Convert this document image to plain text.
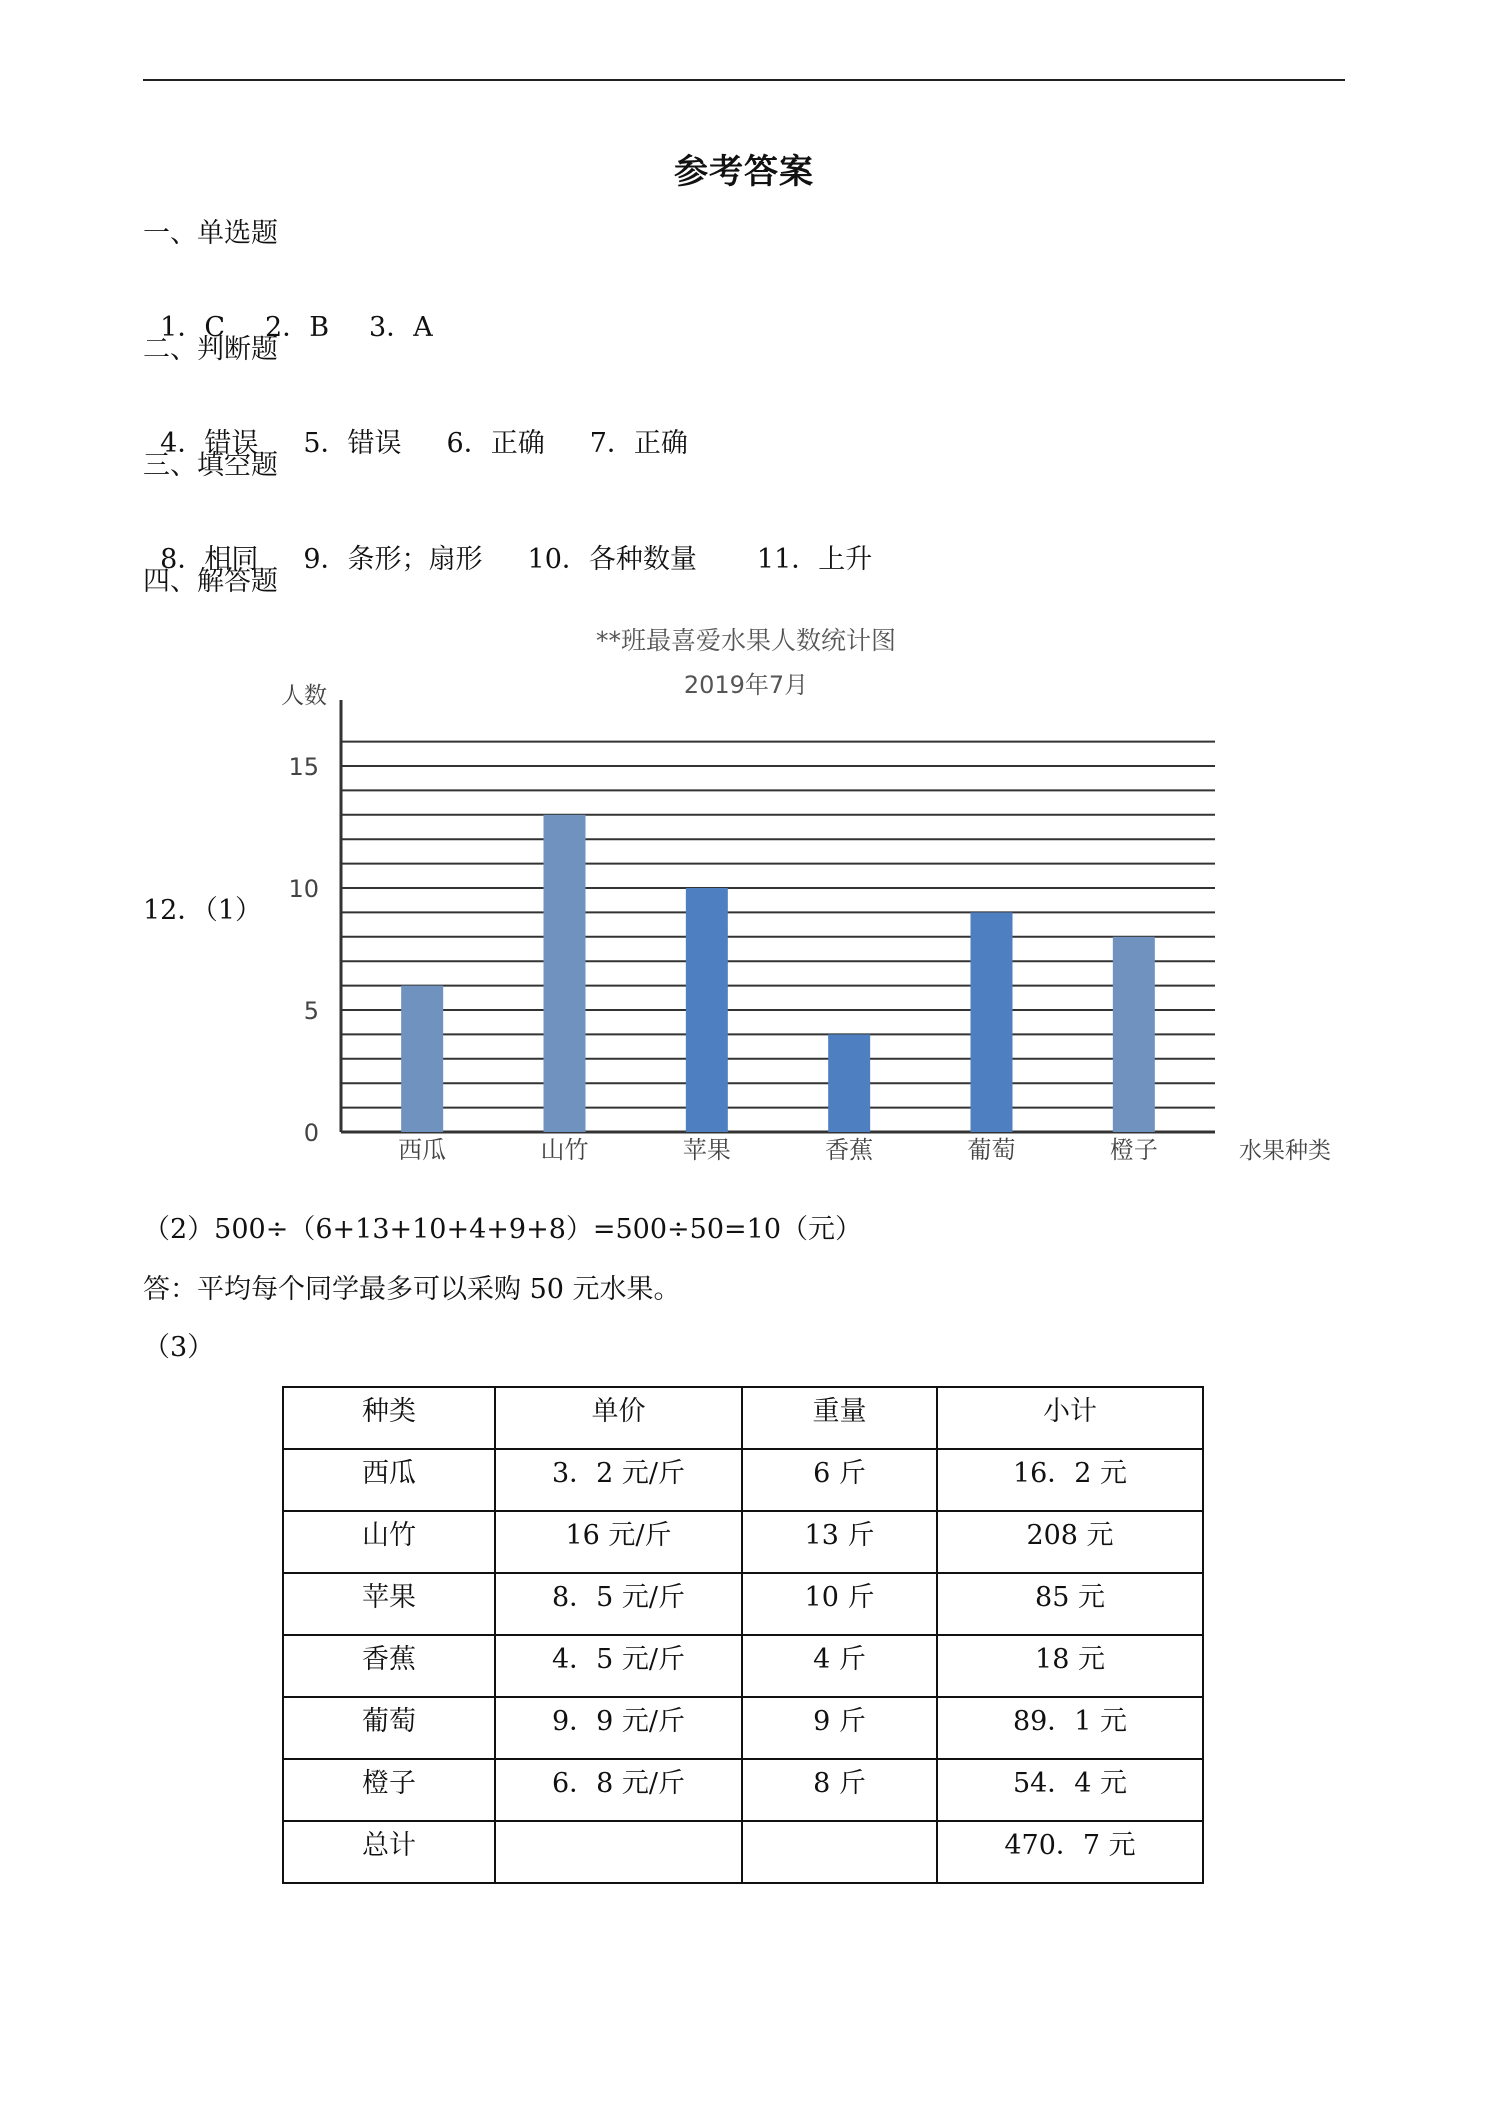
参考答案
一、单选题

1．C 2．B 3．A

二、判断题

4．错误 5．错误 6．正确 7．正确

三、填空题

8．相同 9．条形；扇形 10．各种数量 11．上升

四、解答题
12．（1）
**班最喜爱水果人数统计图
2019年7月
人数
水果种类
0
5
10
15
西瓜	山竹	苹果	香蕉	葡萄	橙子
（2）500÷（6+13+10+4+9+8）=500÷50=10（元）
答：平均每个同学最多可以采购 50 元水果。
（3）
种类	单价	重量	小计
西瓜	3．2 元/斤	6 斤	16．2 元
山竹	16 元/斤	13 斤	208 元
苹果	8．5 元/斤	10 斤	85 元
香蕉	4．5 元/斤	4 斤	18 元
葡萄	9．9 元/斤	9 斤	89．1 元
橙子	6．8 元/斤	8 斤	54．4 元
总计			470．7 元
